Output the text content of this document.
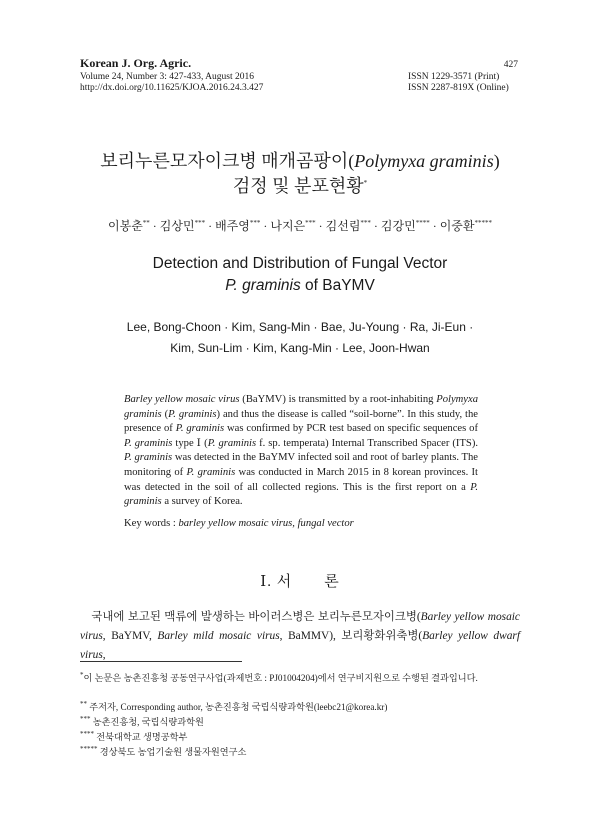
Korean J. Org. Agric.
Volume 24, Number 3: 427-433, August 2016
http://dx.doi.org/10.11625/KJOA.2016.24.3.427
427
ISSN 1229-3571 (Print)
ISSN 2287-819X (Online)
보리누른모자이크병 매개곰팡이(Polymyxa graminis)
검정 및 분포현황*
이봉춘** · 김상민*** · 배주영*** · 나지은*** · 김선림*** · 김강민**** · 이중환*****
Detection and Distribution of Fungal Vector
P. graminis of BaYMV
Lee, Bong-Choon · Kim, Sang-Min · Bae, Ju-Young · Ra, Ji-Eun ·
Kim, Sun-Lim · Kim, Kang-Min · Lee, Joon-Hwan
Barley yellow mosaic virus (BaYMV) is transmitted by a root-inhabiting Polymyxa graminis (P. graminis) and thus the disease is called “soil-borne”. In this study, the presence of P. graminis was confirmed by PCR test based on specific sequences of P. graminis type Ⅰ (P. graminis f. sp. temperata) Internal Transcribed Spacer (ITS). P. graminis was detected in the BaYMV infected soil and root of barley plants. The monitoring of P. graminis was conducted in March 2015 in 8 korean provinces. It was detected in the soil of all collected regions. This is the first report on a P. graminis a survey of Korea.
Key words : barley yellow mosaic virus, fungal vector
Ⅰ. 서　　론
 국내에 보고된 맥류에 발생하는 바이러스병은 보리누른모자이크병(Barley yellow mosaic virus, BaYMV, Barley mild mosaic virus, BaMMV), 보리황화위축병(Barley yellow dwarf virus,
*이 논문은 농촌진흥청 공동연구사업(과제번호 : PJ01004204)에서 연구비지원으로 수행된 결과입니다.
** 주저자, Corresponding author, 농촌진흥청 국립식량과학원(leebc21@korea.kr)
*** 농촌진흥청, 국립식량과학원
**** 전북대학교 생명공학부
***** 경상북도 농업기술원 생물자원연구소
